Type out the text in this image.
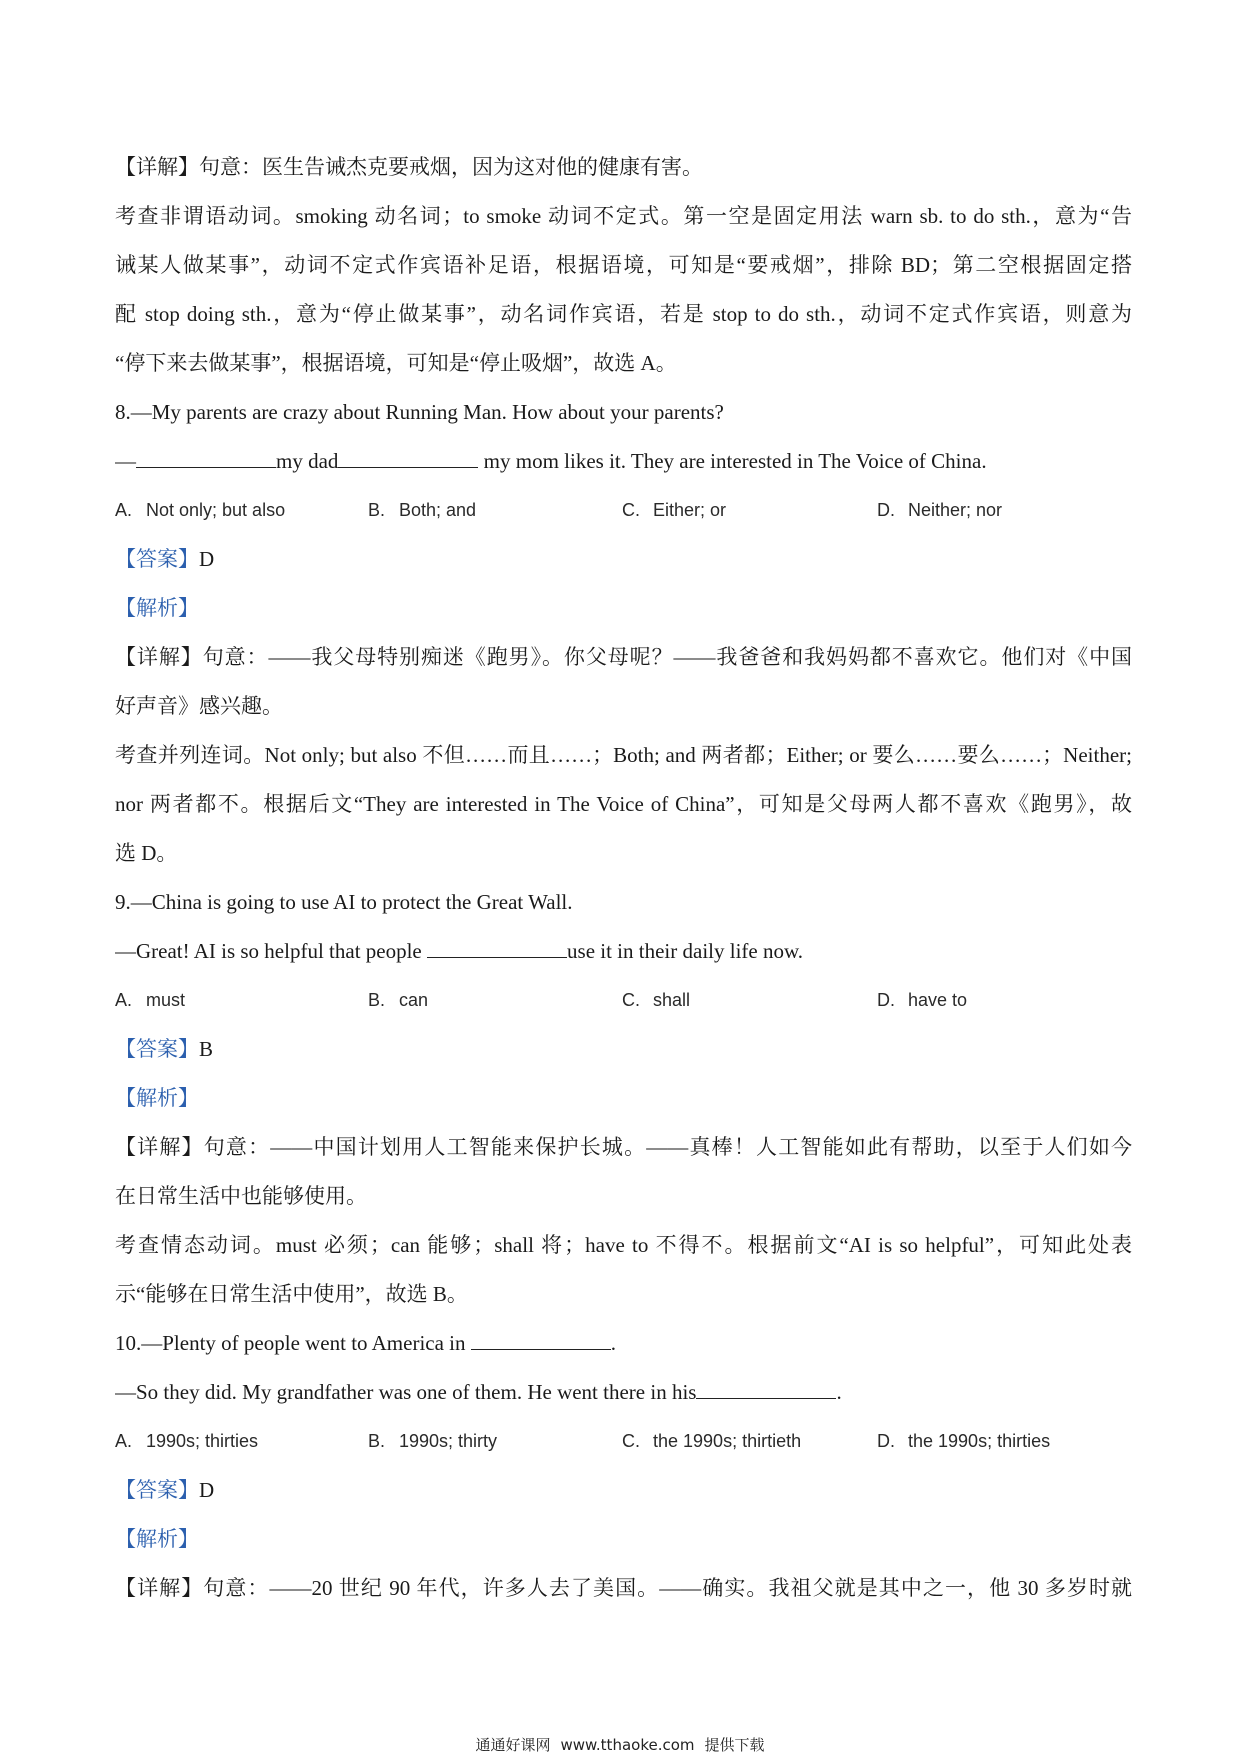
【详解】句意：医生告诫杰克要戒烟，因为这对他的健康有害。
考查非谓语动词。smoking 动名词；to smoke 动词不定式。第一空是固定用法 warn sb. to do sth.，意为“告
诫某人做某事”，动词不定式作宾语补足语，根据语境，可知是“要戒烟”，排除 BD；第二空根据固定搭
配 stop doing sth.，意为“停止做某事”，动名词作宾语，若是 stop to do sth.，动词不定式作宾语，则意为
“停下来去做某事”，根据语境，可知是“停止吸烟”，故选 A。
8.—My parents are crazy about Running Man. How about your parents?
—	my dad	my mom likes it. They are interested in The Voice of China.

A. Not only; but also

	B. Both; and

	C. Either; or

	D. Neither; nor

【答案】D
【解析】
【详解】句意：——我父母特别痴迷《跑男》。你父母呢？——我爸爸和我妈妈都不喜欢它。他们对《中国
好声音》感兴趣。
考查并列连词。Not only; but also 不但……而且……；Both; and 两者都；Either; or 要么……要么……；Neither;
nor 两者都不。根据后文“They are interested in The Voice of China”，可知是父母两人都不喜欢《跑男》，故
选 D。
9.—China is going to use AI to protect the Great Wall.
—Great! AI is so helpful that people	use it in their daily life now.

A. must

	B. can

	C. shall

	D. have to

【答案】B
【解析】
【详解】句意：——中国计划用人工智能来保护长城。——真棒！人工智能如此有帮助，以至于人们如今
在日常生活中也能够使用。
考查情态动词。must 必须；can 能够；shall 将；have to 不得不。根据前文“AI is so helpful”，可知此处表
示“能够在日常生活中使用”，故选 B。
10.—Plenty of people went to America in	.
—So they did. My grandfather was one of them. He went there in his	.

A. 1990s; thirties

	B. 1990s; thirty

	C. the 1990s; thirtieth

	D. the 1990s; thirties

【答案】D
【解析】
【详解】句意：——20 世纪 90 年代，许多人去了美国。——确实。我祖父就是其中之一，他 30 多岁时就
通通好课网 www.tthaoke.com 提供下载
